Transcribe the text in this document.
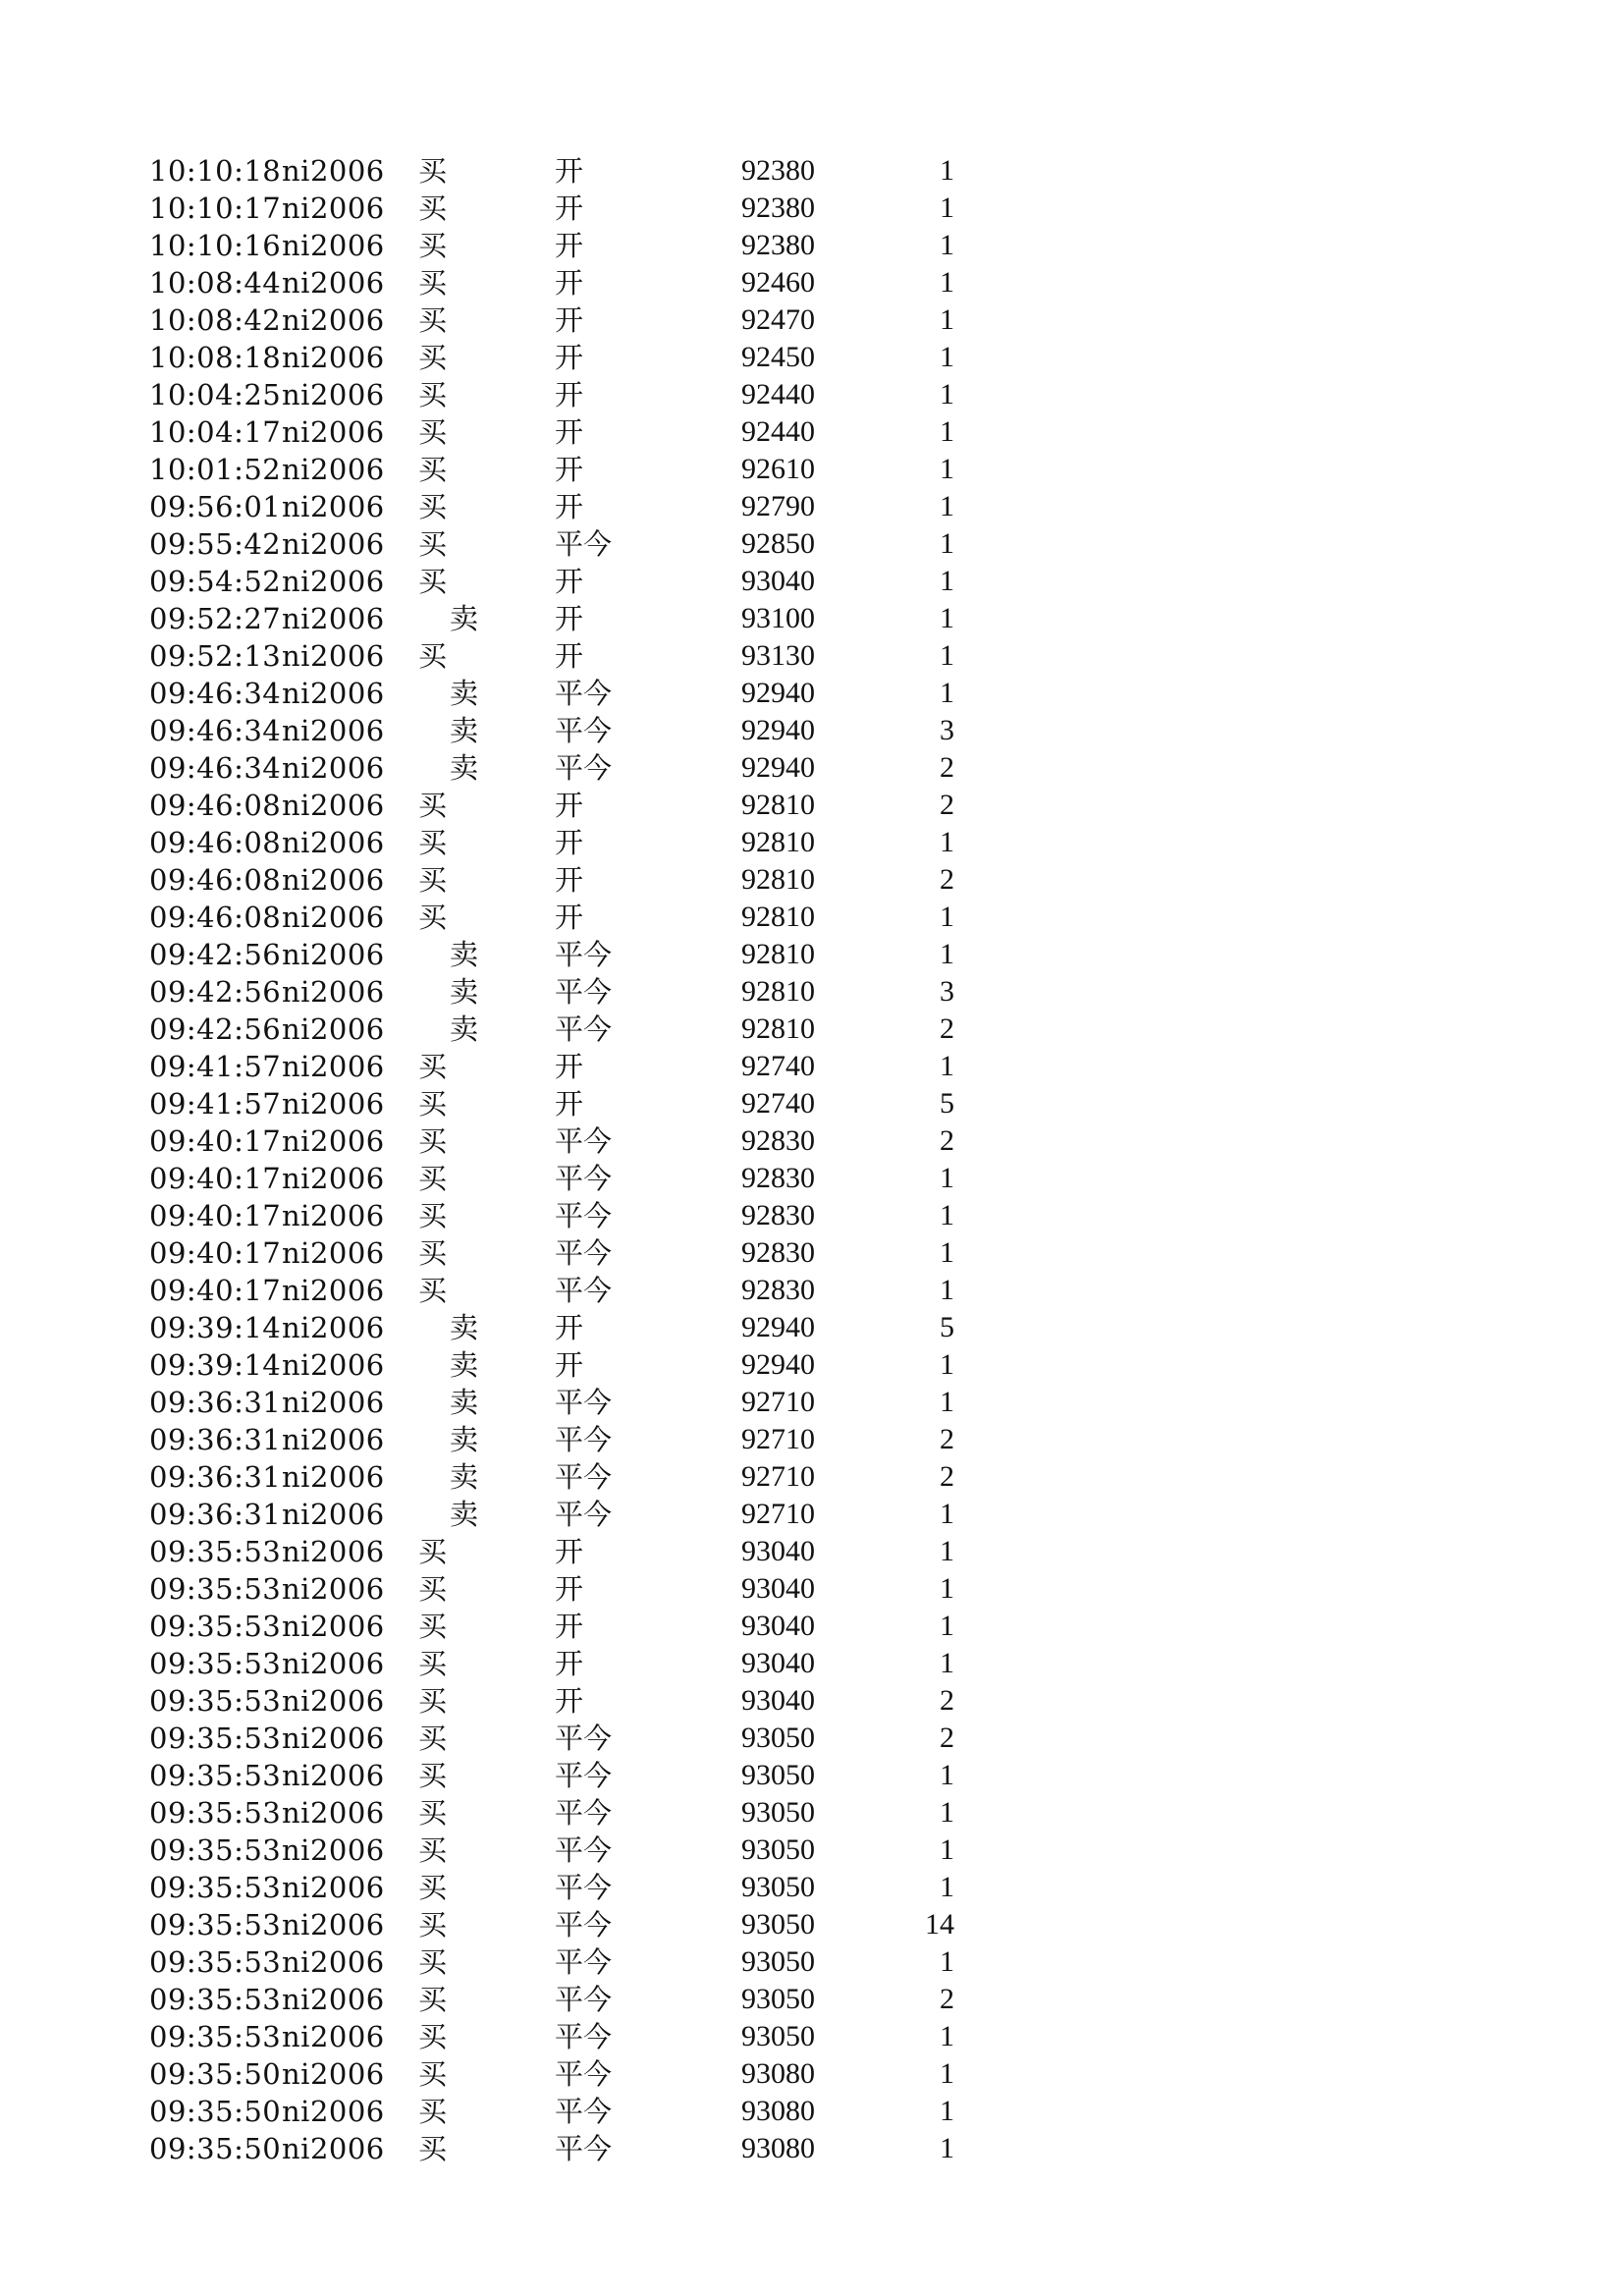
10:10:18 ni2006 买	开	92380	1
10:10:17 ni2006 买	开	92380	1
10:10:16 ni2006 买	开	92380	1
10:08:44 ni2006 买	开	92460	1
10:08:42 ni2006 买	开	92470	1
10:08:18 ni2006 买	开	92450	1
10:04:25 ni2006 买	开	92440	1
10:04:17 ni2006 买	开	92440	1
10:01:52 ni2006 买	开	92610	1
09:56:01 ni2006 买	开	92790	1
09:55:42 ni2006 买	平今	92850	1
09:54:52 ni2006 买	开	93040	1
09:52:27 ni2006 卖	开	93100	1
09:52:13 ni2006 买	开	93130	1
09:46:34 ni2006 卖	平今	92940	1
09:46:34 ni2006 卖	平今	92940	3
09:46:34 ni2006 卖	平今	92940	2
09:46:08 ni2006 买	开	92810	2
09:46:08 ni2006 买	开	92810	1
09:46:08 ni2006 买	开	92810	2
09:46:08 ni2006 买	开	92810	1
09:42:56 ni2006 卖	平今	92810	1
09:42:56 ni2006 卖	平今	92810	3
09:42:56 ni2006 卖	平今	92810	2
09:41:57 ni2006 买	开	92740	1
09:41:57 ni2006 买	开	92740	5
09:40:17 ni2006 买	平今	92830	2
09:40:17 ni2006 买	平今	92830	1
09:40:17 ni2006 买	平今	92830	1
09:40:17 ni2006 买	平今	92830	1
09:40:17 ni2006 买	平今	92830	1
09:39:14 ni2006 卖	开	92940	5
09:39:14 ni2006 卖	开	92940	1
09:36:31 ni2006 卖	平今	92710	1
09:36:31 ni2006 卖	平今	92710	2
09:36:31 ni2006 卖	平今	92710	2
09:36:31 ni2006 卖	平今	92710	1
09:35:53 ni2006 买	开	93040	1
09:35:53 ni2006 买	开	93040	1
09:35:53 ni2006 买	开	93040	1
09:35:53 ni2006 买	开	93040	1
09:35:53 ni2006 买	开	93040	2
09:35:53 ni2006 买	平今	93050	2
09:35:53 ni2006 买	平今	93050	1
09:35:53 ni2006 买	平今	93050	1
09:35:53 ni2006 买	平今	93050	1
09:35:53 ni2006 买	平今	93050	1
09:35:53 ni2006 买	平今	93050	14
09:35:53 ni2006 买	平今	93050	1
09:35:53 ni2006 买	平今	93050	2
09:35:53 ni2006 买	平今	93050	1
09:35:50 ni2006 买	平今	93080	1
09:35:50 ni2006 买	平今	93080	1
09:35:50 ni2006 买	平今	93080	1
